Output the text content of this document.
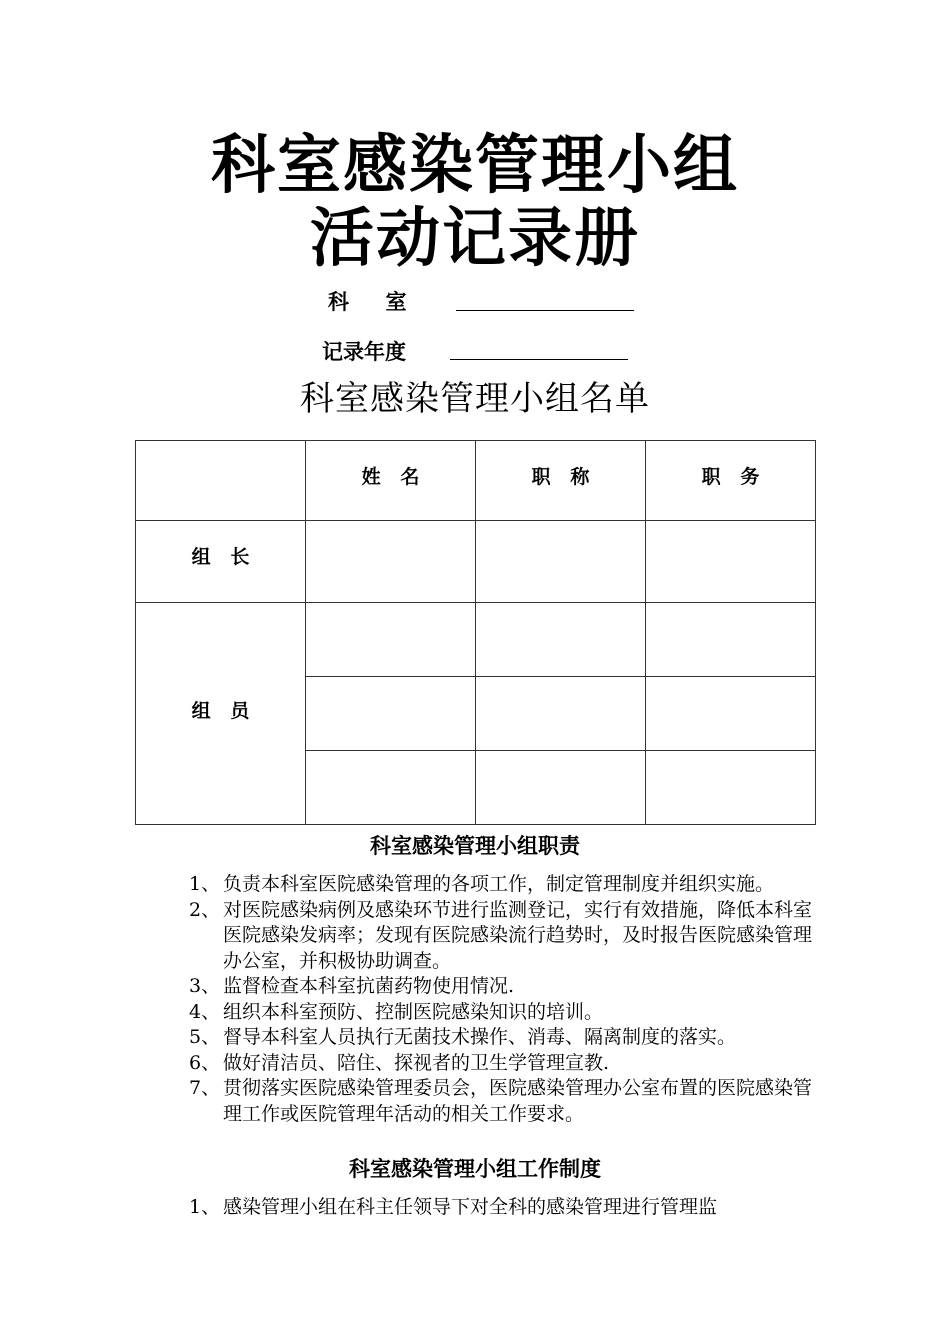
科室感染管理小组
活动记录册
科     室
记录年度
科室感染管理小组名单
	姓   名	职   称	职   务
组   长			
组   员			

科室感染管理小组职责
1、 负责本科室医院感染管理的各项工作，制定管理制度并组织实施。
2、 对医院感染病例及感染环节进行监测登记，实行有效措施，降低本科室医院感染发病率；发现有医院感染流行趋势时，及时报告医院感染管理办公室，并积极协助调查。
3、 监督检查本科室抗菌药物使用情况.
4、 组织本科室预防、控制医院感染知识的培训。
5、 督导本科室人员执行无菌技术操作、消毒、隔离制度的落实。
6、 做好清洁员、陪住、探视者的卫生学管理宣教.
7、 贯彻落实医院感染管理委员会，医院感染管理办公室布置的医院感染管理工作或医院管理年活动的相关工作要求。
科室感染管理小组工作制度
1、 感染管理小组在科主任领导下对全科的感染管理进行管理监
